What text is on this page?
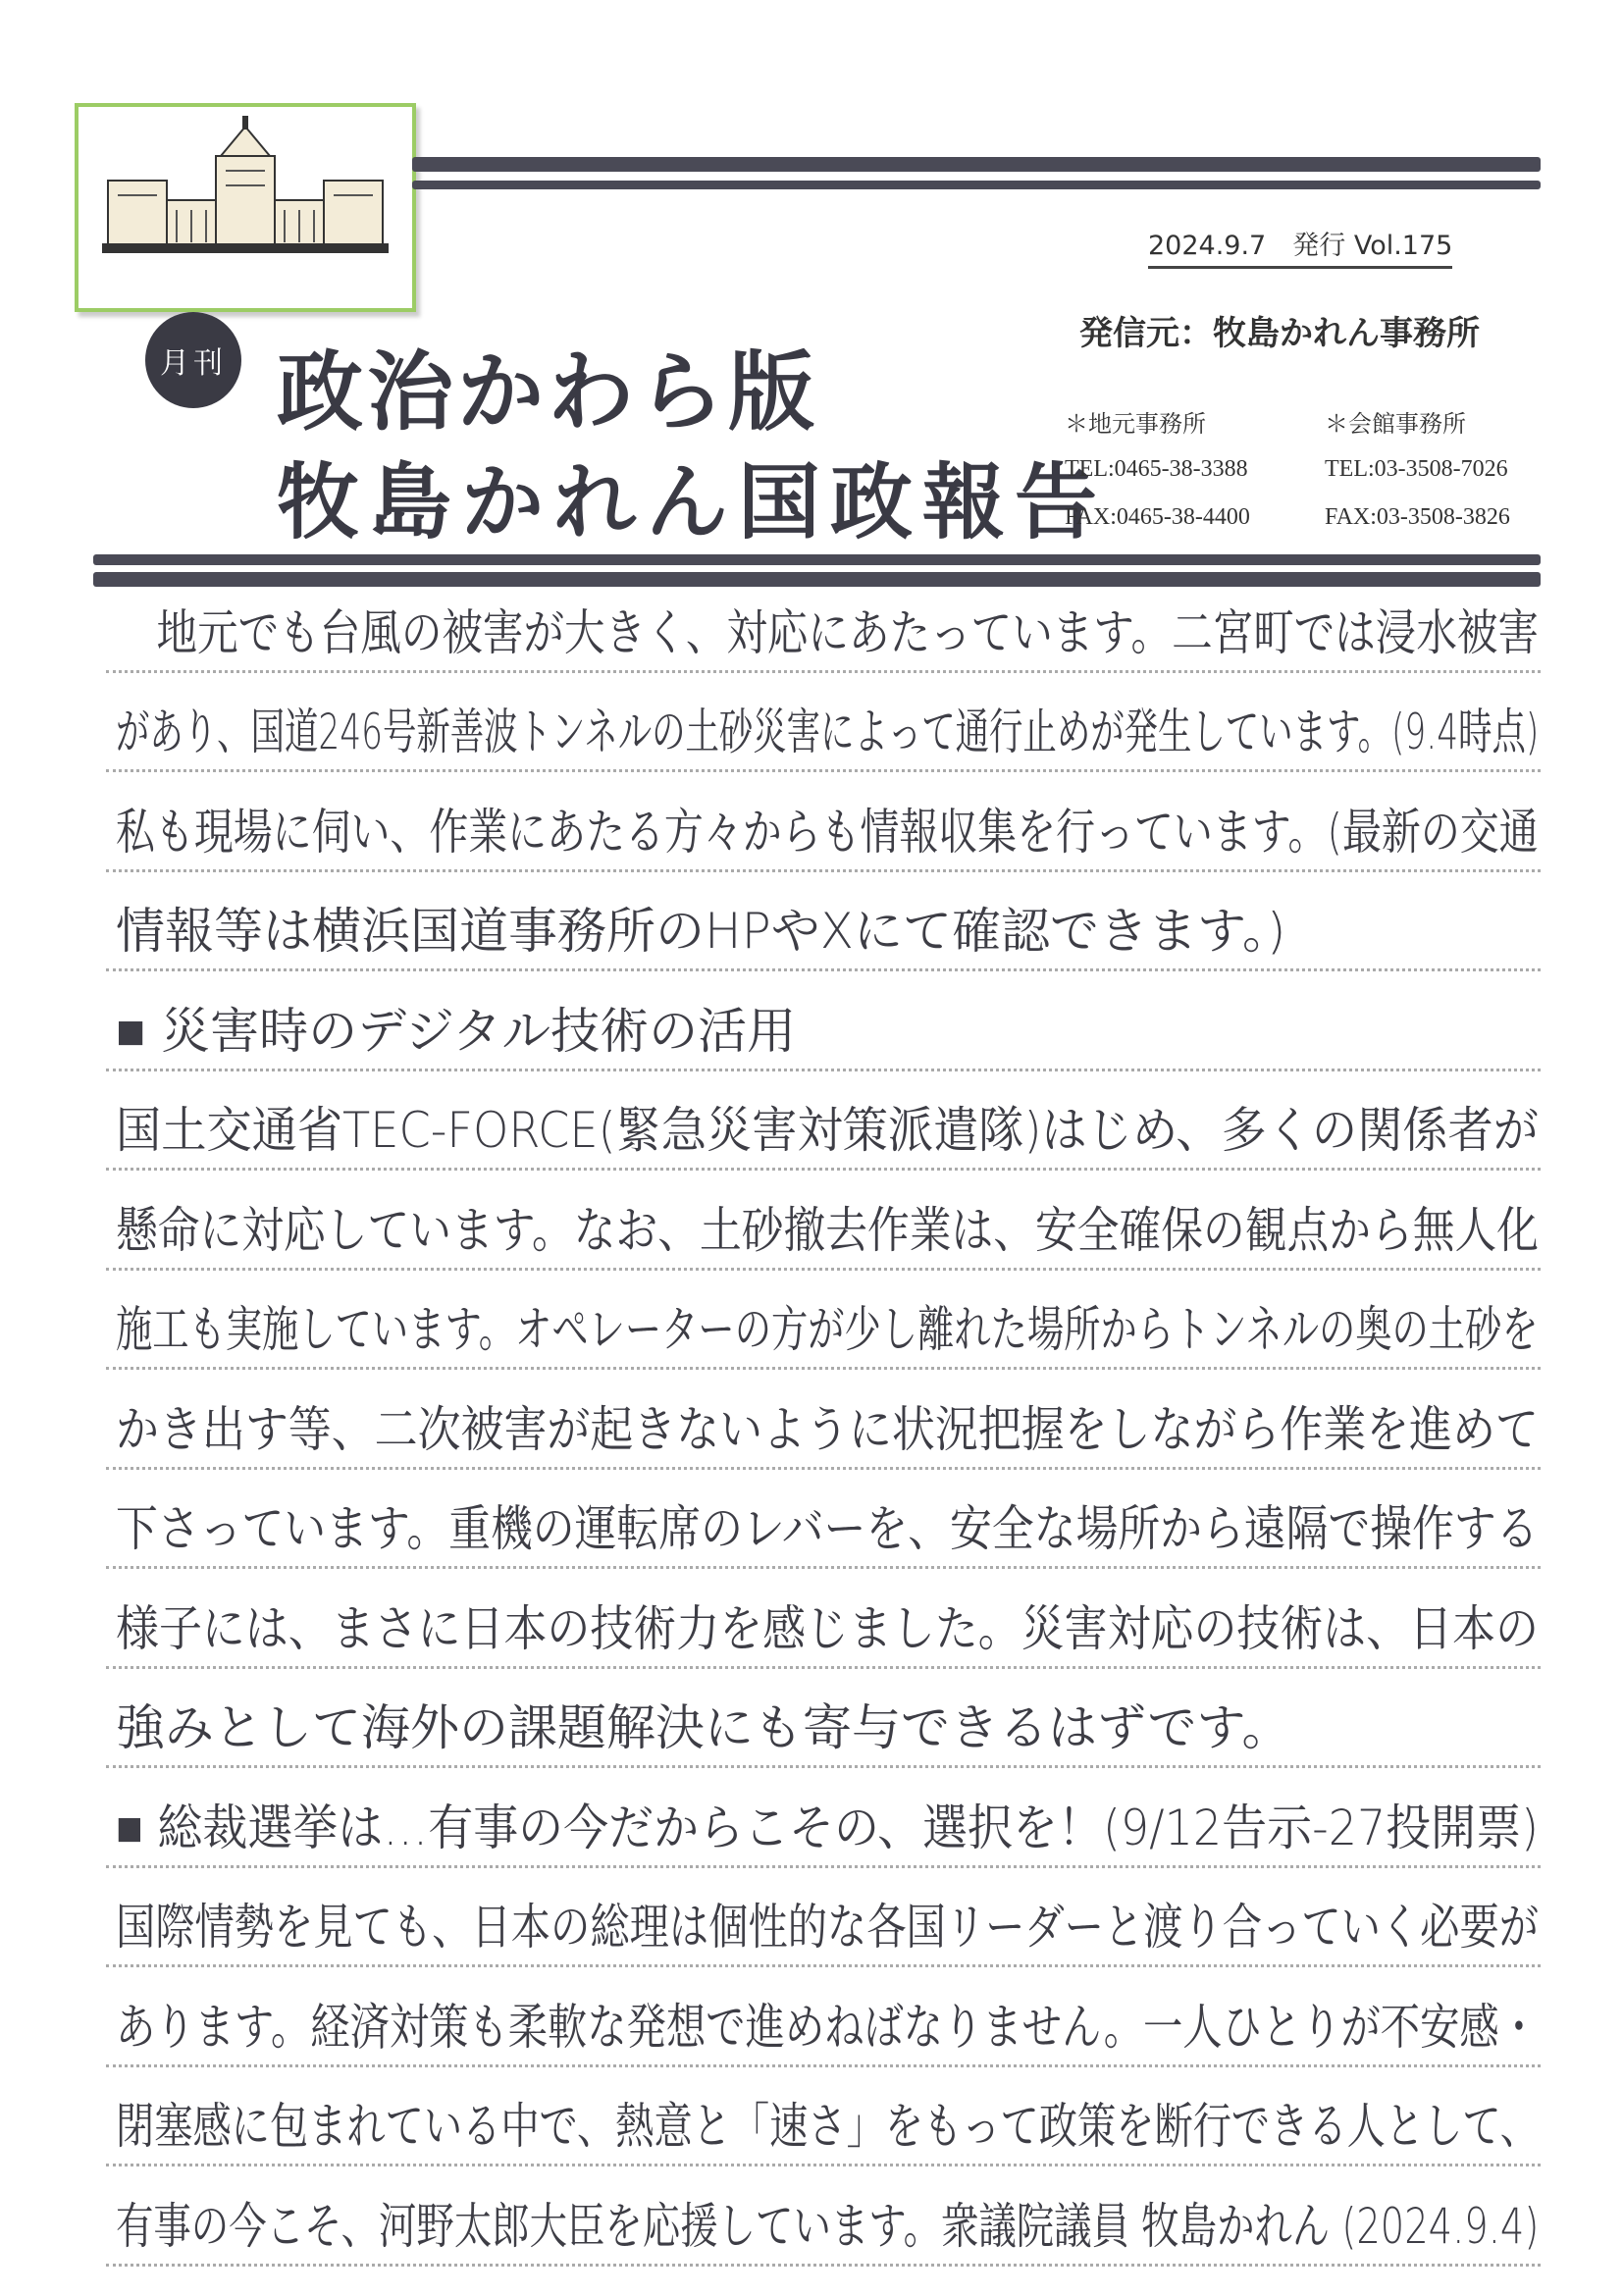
2024.9.7　発行 Vol.175
発信元：牧島かれん事務所
月刊 政治かわら版
牧島かれん国政報告
＊地元事務所
TEL:0465-38-3388
FAX:0465-38-4400
＊会館事務所
TEL:03-3508-7026
FAX:03-3508-3826
　地元でも台風の被害が大きく、対応にあたっています。二宮町では浸水被害
があり、国道246号新善波トンネルの土砂災害によって通行止めが発生しています。(9.4時点)
私も現場に伺い、作業にあたる方々からも情報収集を行っています。(最新の交通
情報等は横浜国道事務所のHPやXにて確認できます。)
■ 災害時のデジタル技術の活用
国土交通省TEC-FORCE(緊急災害対策派遣隊)はじめ、多くの関係者が
懸命に対応しています。なお、土砂撤去作業は、安全確保の観点から無人化
施工も実施しています。オペレーターの方が少し離れた場所からトンネルの奥の土砂を
かき出す等、二次被害が起きないように状況把握をしながら作業を進めて
下さっています。重機の運転席のレバーを、安全な場所から遠隔で操作する
様子には、まさに日本の技術力を感じました。災害対応の技術は、日本の
強みとして海外の課題解決にも寄与できるはずです。
■ 総裁選挙は…有事の今だからこその、選択を！(9/12告示-27投開票)
国際情勢を見ても、日本の総理は個性的な各国リーダーと渡り合っていく必要が
あります。経済対策も柔軟な発想で進めねばなりません。一人ひとりが不安感・
閉塞感に包まれている中で、熱意と「速さ」をもって政策を断行できる人として、
有事の今こそ、河野太郎大臣を応援しています。衆議院議員 牧島かれん (2024.9.4)
